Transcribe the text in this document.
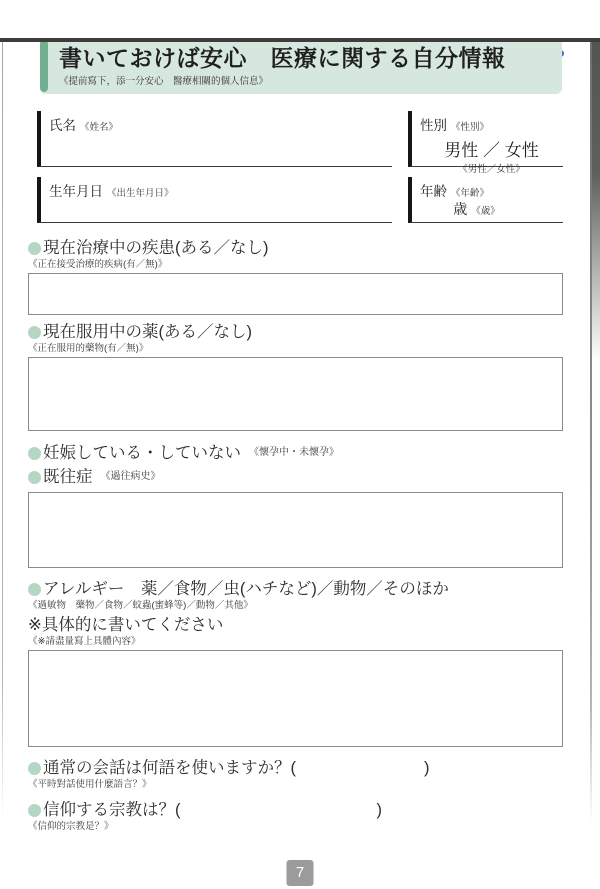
書いておけば安心　医療に関する自分情報
《提前寫下，添一分安心　醫療相關的個人信息》
氏名 《姓名》	性別 《性別》
男性 ／ 女性
《男性／女性》
生年月日 《出生年月日》	年齢 《年齢》
歳 《歳》
現在治療中の疾患(ある／なし)
《正在接受治療的疾病(有／無)》
現在服用中の薬(ある／なし)
《正在服用的藥物(有／無)》
妊娠している・していない 《懷孕中・未懷孕》
既往症 《過往病史》
アレルギー　薬／食物／虫(ハチなど)／動物／そのほか
《過敏物　藥物／食物／蚊蟲(蜜蜂等)／動物／其他》
※具体的に書いてください
《※請盡量寫上具體內容》
通常の会話は何語を使いますか？ (	)
《平時對話使用什麼語言？》
信仰する宗教は？ (	)
《信仰的宗教是？》
7
